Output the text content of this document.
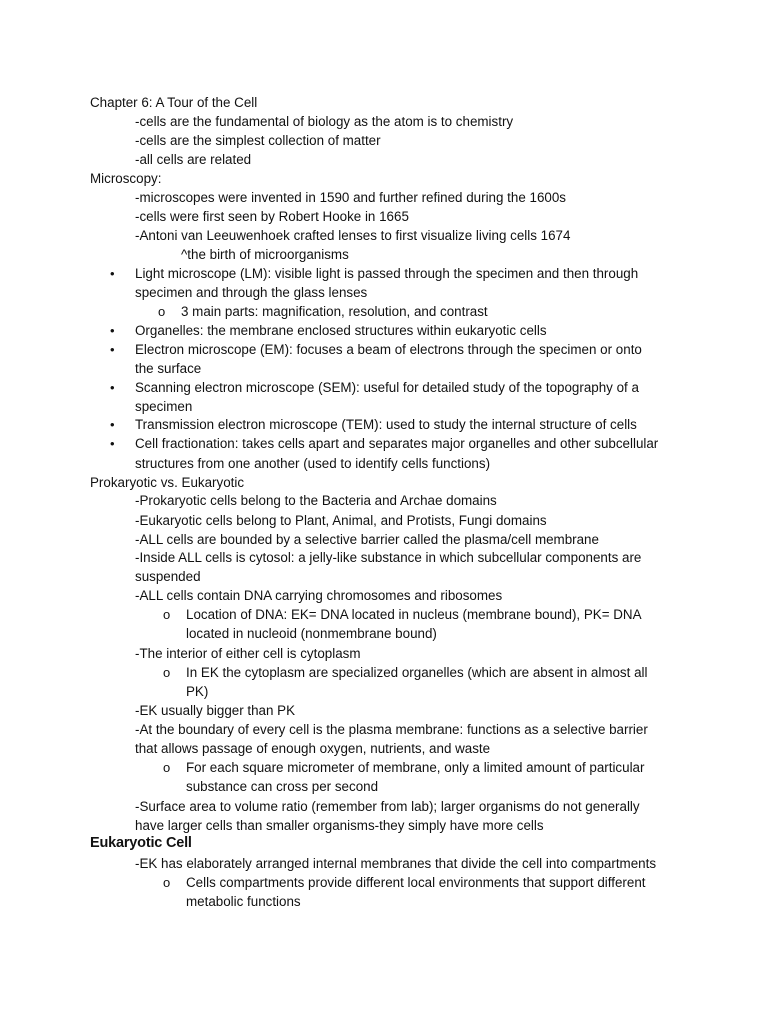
Chapter 6: A Tour of the Cell
-cells are the fundamental of biology as the atom is to chemistry
-cells are the simplest collection of matter
-all cells are related
Microscopy:
-microscopes were invented in 1590 and further refined during the 1600s
-cells were first seen by Robert Hooke in 1665
-Antoni van Leeuwenhoek crafted lenses to first visualize living cells 1674
^the birth of microorganisms
• Light microscope (LM): visible light is passed through the specimen and then through
specimen and through the glass lenses
o 3 main parts: magnification, resolution, and contrast
• Organelles: the membrane enclosed structures within eukaryotic cells
• Electron microscope (EM): focuses a beam of electrons through the specimen or onto
the surface
• Scanning electron microscope (SEM): useful for detailed study of the topography of a
specimen
• Transmission electron microscope (TEM): used to study the internal structure of cells
• Cell fractionation: takes cells apart and separates major organelles and other subcellular
structures from one another (used to identify cells functions)
Prokaryotic vs. Eukaryotic
-Prokaryotic cells belong to the Bacteria and Archae domains
-Eukaryotic cells belong to Plant, Animal, and Protists, Fungi domains
-ALL cells are bounded by a selective barrier called the plasma/cell membrane
-Inside ALL cells is cytosol: a jelly-like substance in which subcellular components are
suspended
-ALL cells contain DNA carrying chromosomes and ribosomes
o Location of DNA: EK= DNA located in nucleus (membrane bound), PK= DNA
located in nucleoid (nonmembrane bound)
-The interior of either cell is cytoplasm
o In EK the cytoplasm are specialized organelles (which are absent in almost all
PK)
-EK usually bigger than PK
-At the boundary of every cell is the plasma membrane: functions as a selective barrier
that allows passage of enough oxygen, nutrients, and waste
o For each square micrometer of membrane, only a limited amount of particular
substance can cross per second
-Surface area to volume ratio (remember from lab); larger organisms do not generally
have larger cells than smaller organisms-they simply have more cells
Eukaryotic Cell
-EK has elaborately arranged internal membranes that divide the cell into compartments
o Cells compartments provide different local environments that support different
metabolic functions
